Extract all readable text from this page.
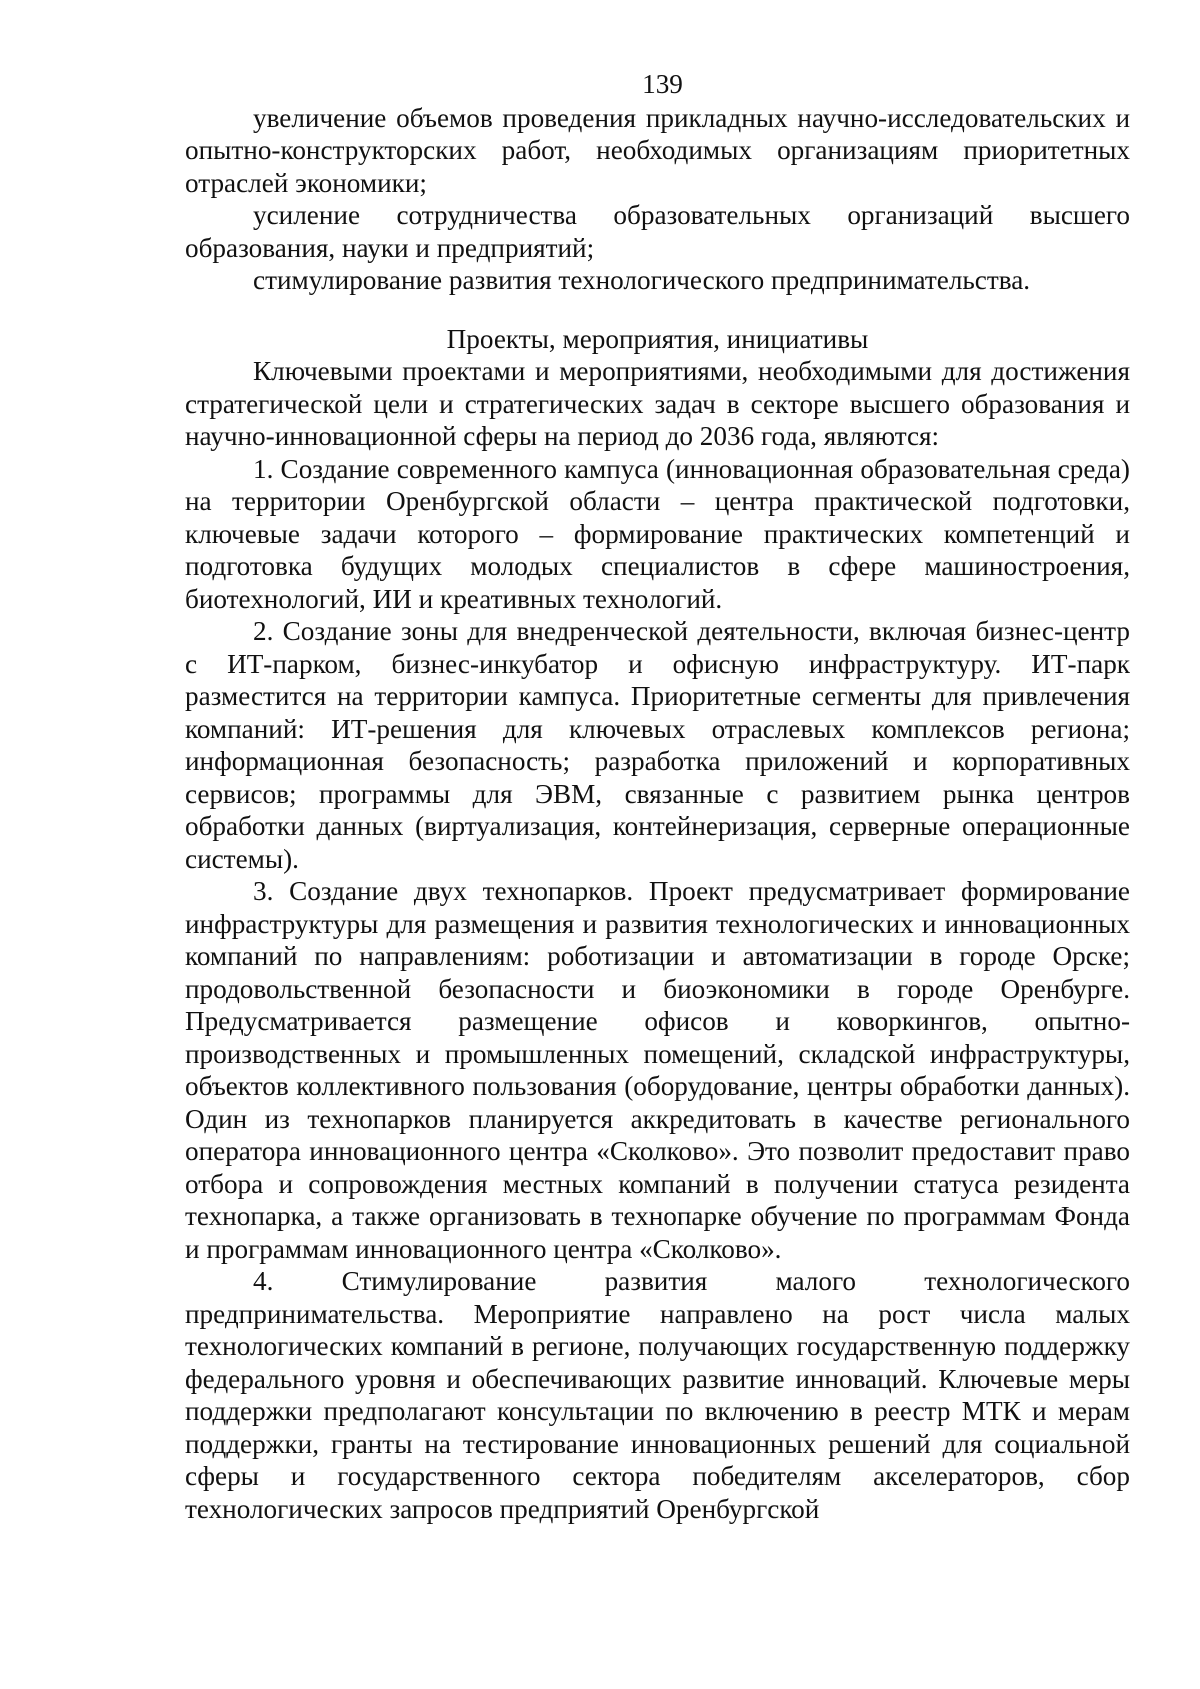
139

увеличение объемов проведения прикладных научно-исследовательских и опытно-конструкторских работ, необходимых организациям приоритетных отраслей экономики;

усиление сотрудничества образовательных организаций высшего образования, науки и предприятий;

стимулирование развития технологического предпринимательства.

Проекты, мероприятия, инициативы

Ключевыми проектами и мероприятиями, необходимыми для достижения стратегической цели и стратегических задач в секторе высшего образования и научно-инновационной сферы на период до 2036 года, являются:

1. Создание современного кампуса (инновационная образовательная среда) на территории Оренбургской области – центра практической подготовки, ключевые задачи которого – формирование практических компетенций и подготовка будущих молодых специалистов в сфере машиностроения, биотехнологий, ИИ и креативных технологий.

2. Создание зоны для внедренческой деятельности, включая бизнес-центр с ИТ-парком, бизнес-инкубатор и офисную инфраструктуру. ИТ-парк разместится на территории кампуса. Приоритетные сегменты для привлечения компаний: ИТ-решения для ключевых отраслевых комплексов региона; информационная безопасность; разработка приложений и корпоративных сервисов; программы для ЭВМ, связанные с развитием рынка центров обработки данных (виртуализация, контейнеризация, серверные операционные системы).

3. Создание двух технопарков. Проект предусматривает формирование инфраструктуры для размещения и развития технологических и инновационных компаний по направлениям: роботизации и автоматизации в городе Орске; продовольственной безопасности и биоэкономики в городе Оренбурге. Предусматривается размещение офисов и коворкингов, опытно-производственных и промышленных помещений, складской инфраструктуры, объектов коллективного пользования (оборудование, центры обработки данных). Один из технопарков планируется аккредитовать в качестве регионального оператора инновационного центра «Сколково». Это позволит предоставит право отбора и сопровождения местных компаний в получении статуса резидента технопарка, а также организовать в технопарке обучение по программам Фонда и программам инновационного центра «Сколково».

4. Стимулирование развития малого технологического предпринимательства. Мероприятие направлено на рост числа малых технологических компаний в регионе, получающих государственную поддержку федерального уровня и обеспечивающих развитие инноваций. Ключевые меры поддержки предполагают консультации по включению в реестр МТК и мерам поддержки, гранты на тестирование инновационных решений для социальной сферы и государственного сектора победителям акселераторов, сбор технологических запросов предприятий Оренбургской
